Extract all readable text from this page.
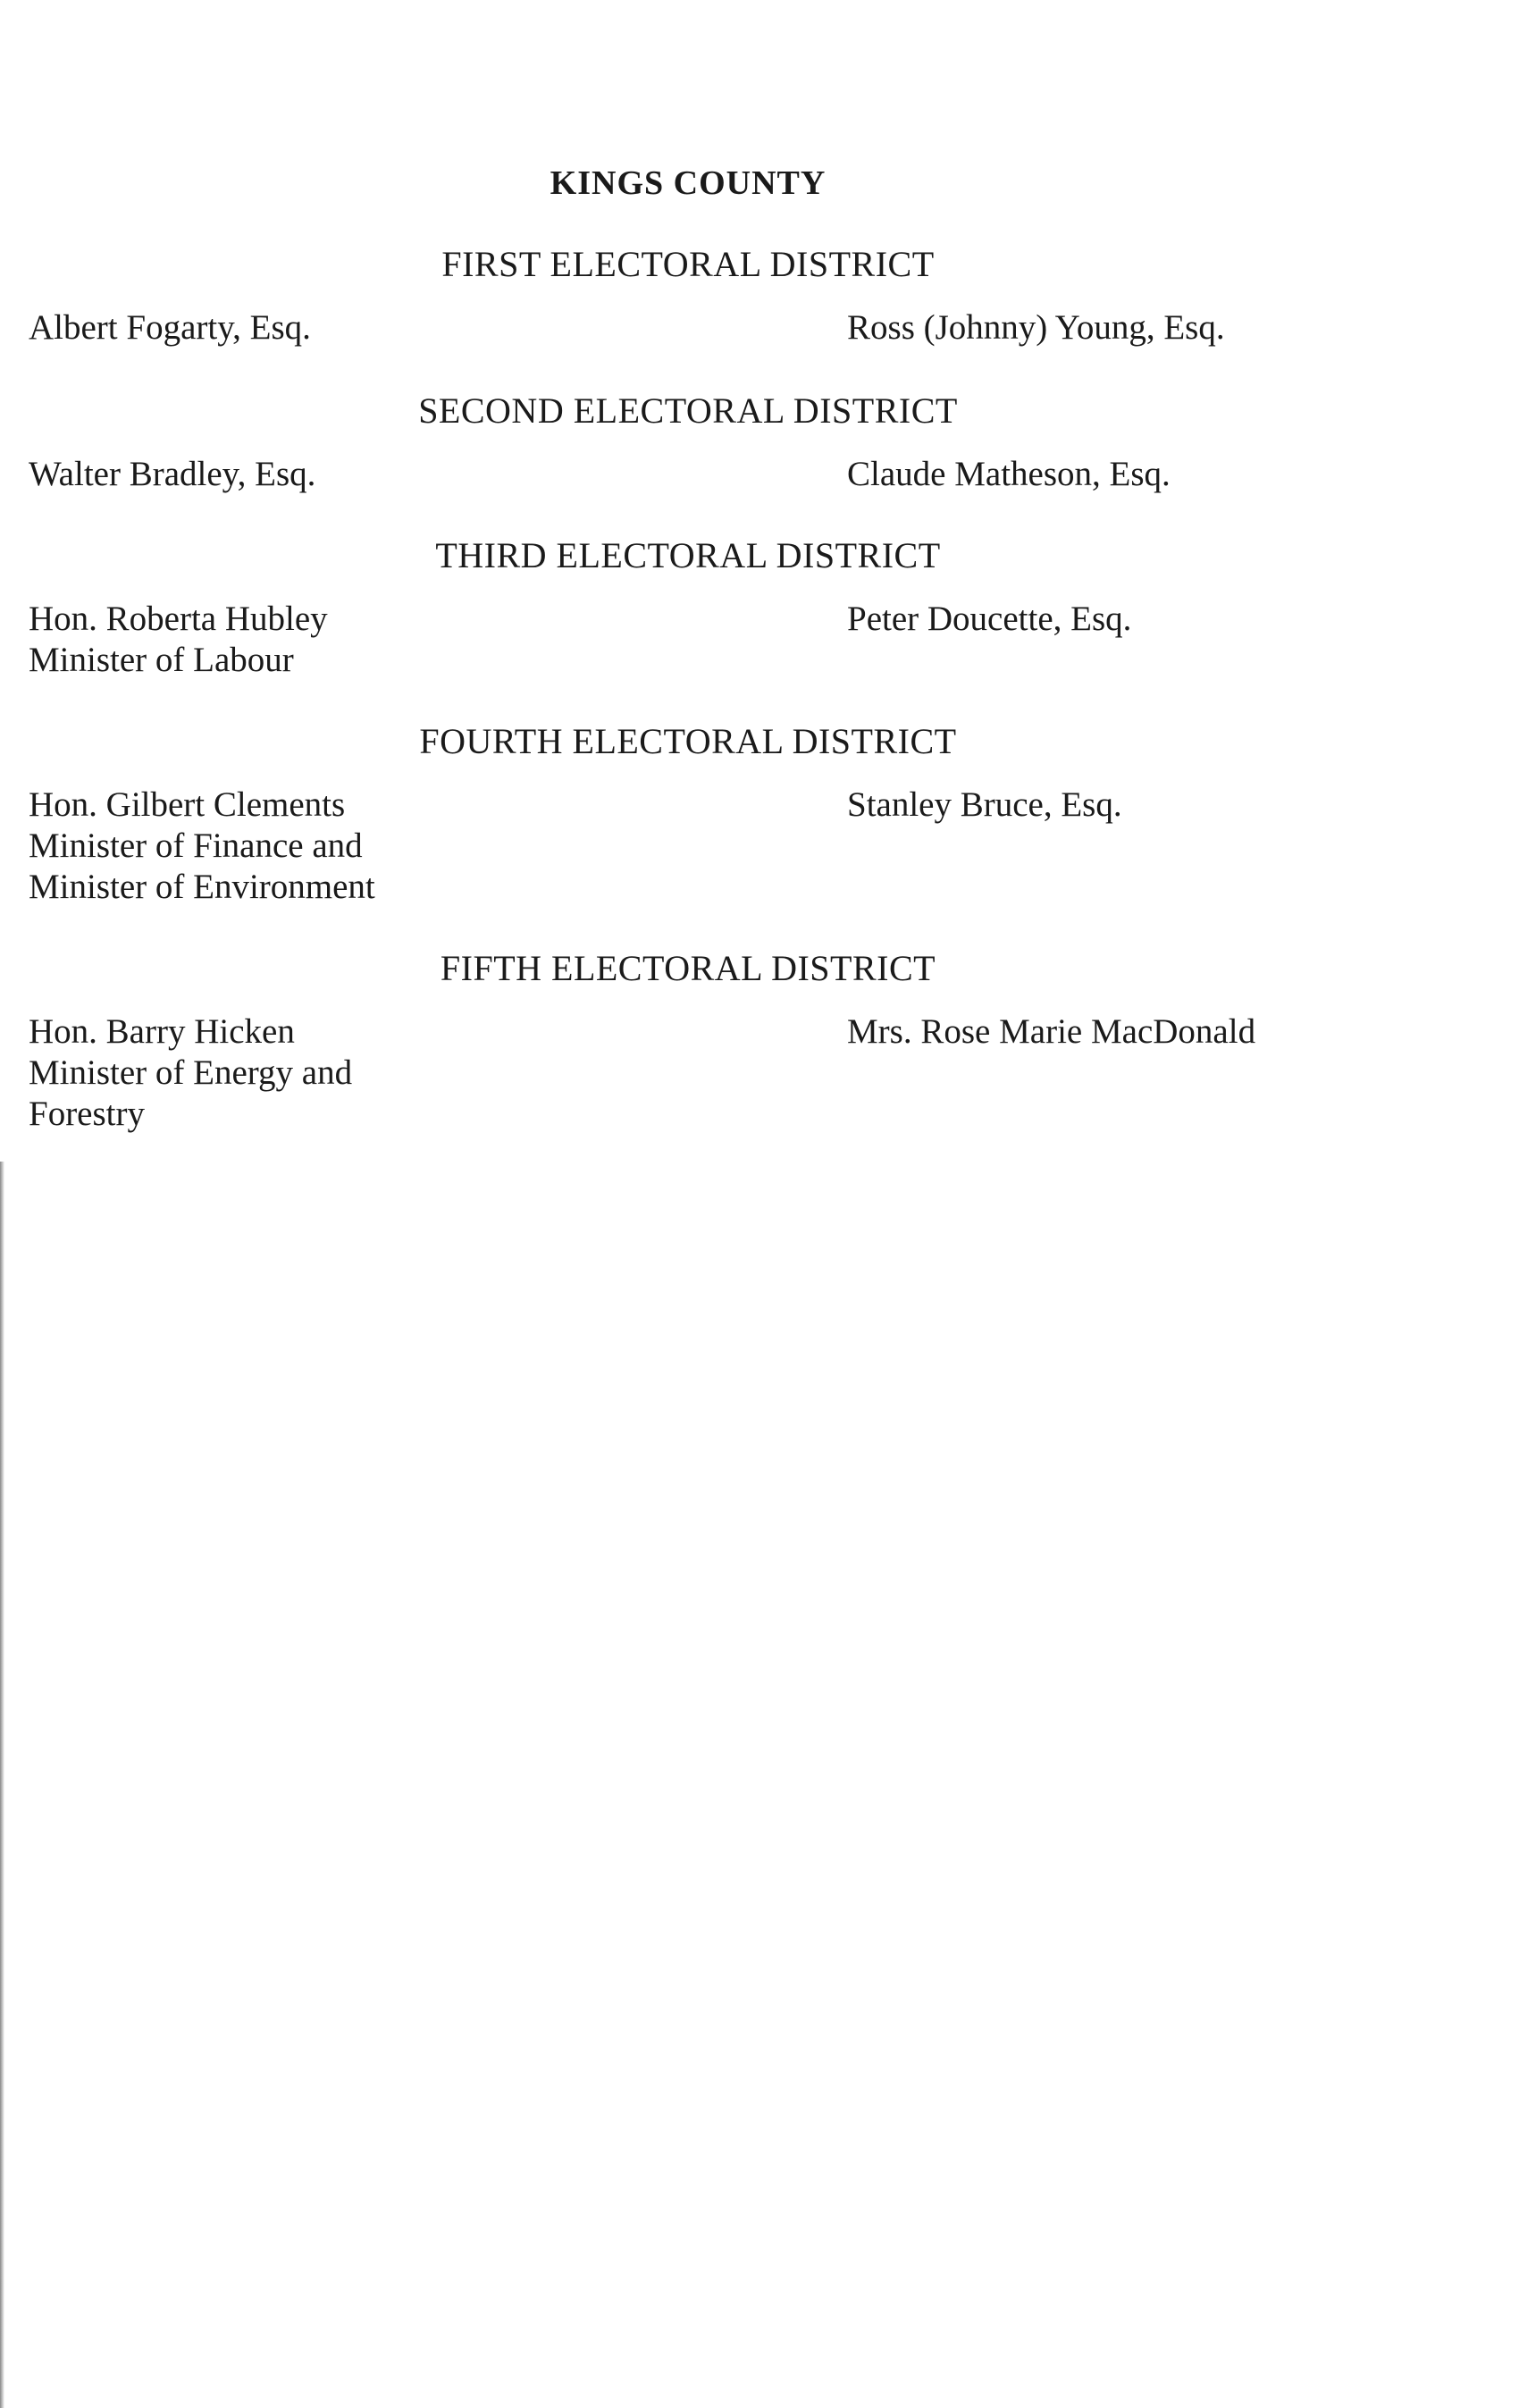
KINGS COUNTY
FIRST ELECTORAL DISTRICT
Albert Fogarty, Esq.	Ross (Johnny) Young, Esq.
SECOND ELECTORAL DISTRICT
Walter Bradley, Esq.	Claude Matheson, Esq.
THIRD ELECTORAL DISTRICT
Hon. Roberta Hubley
Minister of Labour
Peter Doucette, Esq.
FOURTH ELECTORAL DISTRICT
Hon. Gilbert Clements
Minister of Finance and
Minister of Environment
Stanley Bruce, Esq.
FIFTH ELECTORAL DISTRICT
Hon. Barry Hicken
Minister of Energy and
Forestry
Mrs. Rose Marie MacDonald
